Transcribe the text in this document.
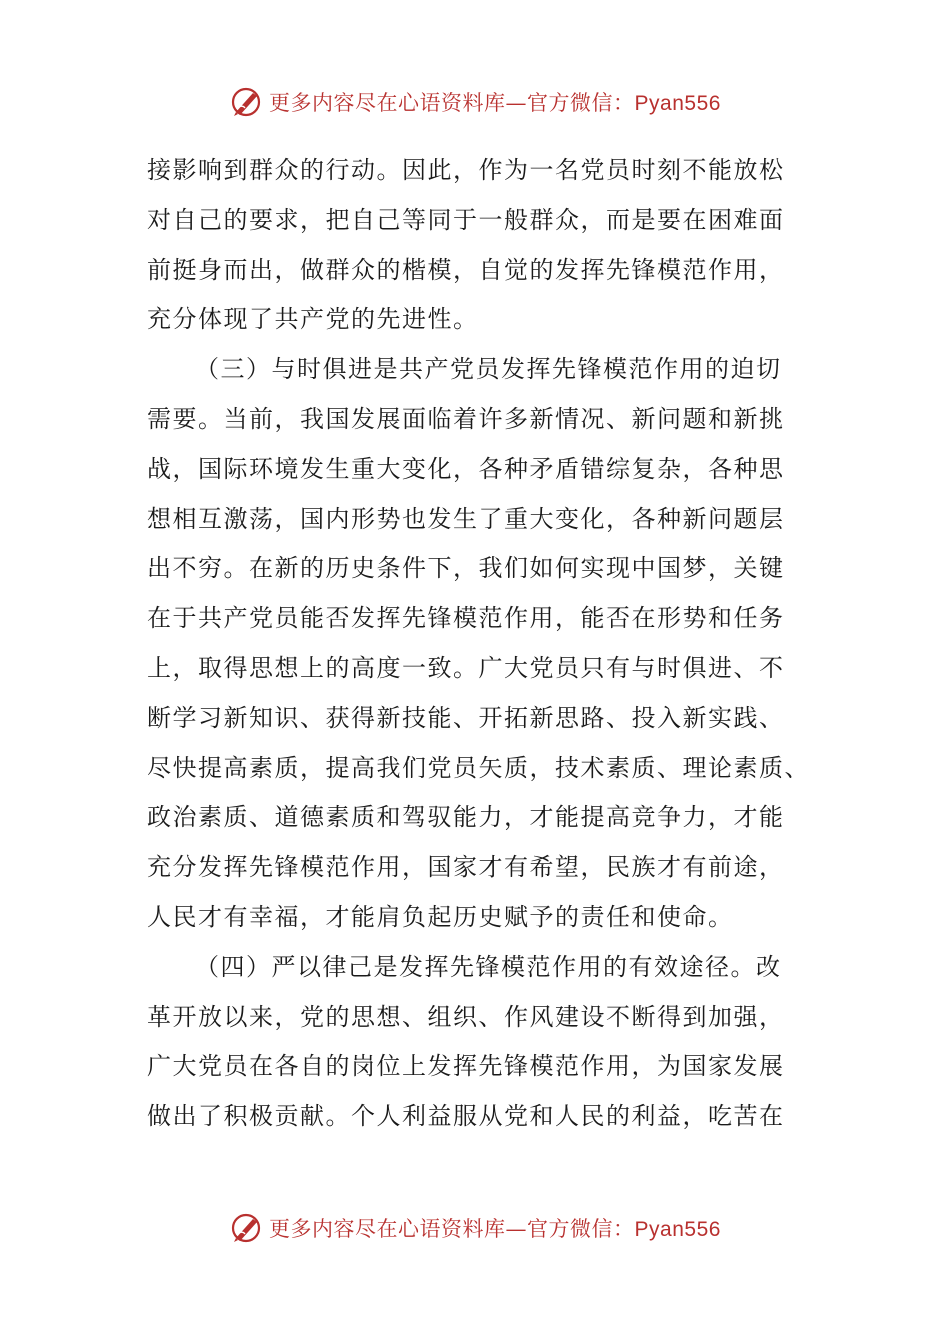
更多内容尽在心语资料库—官方微信：Pyan556
接影响到群众的行动。因此，作为一名党员时刻不能放松
对自己的要求，把自己等同于一般群众，而是要在困难面
前挺身而出，做群众的楷模，自觉的发挥先锋模范作用，
充分体现了共产党的先进性。
（三）与时俱进是共产党员发挥先锋模范作用的迫切
需要。当前，我国发展面临着许多新情况、新问题和新挑
战，国际环境发生重大变化，各种矛盾错综复杂，各种思
想相互激荡，国内形势也发生了重大变化，各种新问题层
出不穷。在新的历史条件下，我们如何实现中国梦，关键
在于共产党员能否发挥先锋模范作用，能否在形势和任务
上，取得思想上的高度一致。广大党员只有与时俱进、不
断学习新知识、获得新技能、开拓新思路、投入新实践、
尽快提高素质，提高我们党员矢质，技术素质、理论素质、
政治素质、道德素质和驾驭能力，才能提高竞争力，才能
充分发挥先锋模范作用，国家才有希望，民族才有前途，
人民才有幸福，才能肩负起历史赋予的责任和使命。
（四）严以律己是发挥先锋模范作用的有效途径。改
革开放以来，党的思想、组织、作风建设不断得到加强，
广大党员在各自的岗位上发挥先锋模范作用，为国家发展
做出了积极贡献。个人利益服从党和人民的利益，吃苦在
更多内容尽在心语资料库—官方微信：Pyan556
